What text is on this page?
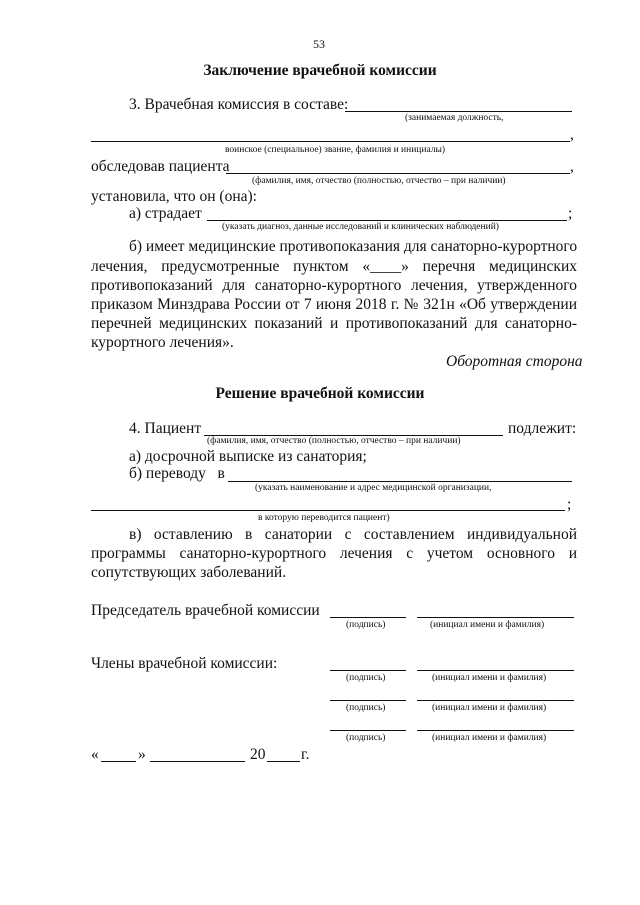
53
Заключение врачебной комиссии
3. Врачебная комиссия в составе:
(занимаемая должность,
,
воинское (специальное) звание, фамилия и инициалы)
обследовав пациента	,
(фамилия, имя, отчество (полностью, отчество – при наличии)
установила, что он (она):
а) страдает	;
(указать диагноз, данные исследований и клинических наблюдений)
б) имеет медицинские противопоказания для санаторно-курортного
лечения, предусмотренные пунктом «____» перечня медицинских
противопоказаний для санаторно-курортного лечения, утвержденного
приказом Минздрава России от 7 июня 2018 г. № 321н «Об утверждении
перечней медицинских показаний и противопоказаний для санаторно-
курортного лечения».
Оборотная сторона
Решение врачебной комиссии
4. Пациент	подлежит:
(фамилия, имя, отчество (полностью, отчество – при наличии)
а) досрочной выписке из санатория;
б) переводу   в
(указать наименование и адрес медицинской организации,
;
в которую переводится пациент)
в) оставлению в санатории с составлением индивидуальной
программы санаторно-курортного лечения с учетом основного и
сопутствующих заболеваний.
Председатель врачебной комиссии
(подпись)	(инициал имени и фамилия)
Члены врачебной комиссии:
(подпись)	(инициал имени и фамилия)
(подпись)	(инициал имени и фамилия)
(подпись)	(инициал имени и фамилия)
«	»	20 г.
